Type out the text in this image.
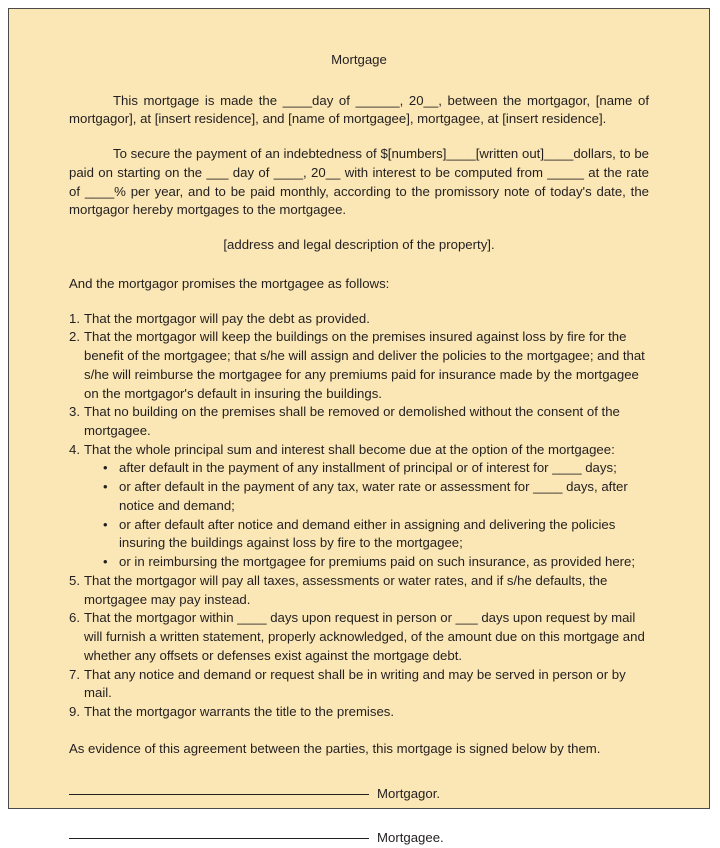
Mortgage

This mortgage is made the ____day of ______, 20__, between the mortgagor, [name of mortgagor], at [insert residence], and [name of mortgagee], mortgagee, at [insert residence].

To secure the payment of an indebtedness of $[numbers]____[written out]____dollars, to be paid on starting on the ___ day of ____, 20__ with interest to be computed from _____ at the rate of ____% per year, and to be paid monthly, according to the promissory note of today's date, the mortgagor hereby mortgages to the mortgagee.

[address and legal description of the property].

And the mortgagor promises the mortgagee as follows:

1. That the mortgagor will pay the debt as provided.
2. That the mortgagor will keep the buildings on the premises insured against loss by fire for the benefit of the mortgagee; that s/he will assign and deliver the policies to the mortgagee; and that s/he will reimburse the mortgagee for any premiums paid for insurance made by the mortgagee on the mortgagor's default in insuring the buildings.
3. That no building on the premises shall be removed or demolished without the consent of the mortgagee.
4. That the whole principal sum and interest shall become due at the option of the mortgagee:
• after default in the payment of any installment of principal or of interest for ____ days;
• or after default in the payment of any tax, water rate or assessment for ____ days, after notice and demand;
• or after default after notice and demand either in assigning and delivering the policies insuring the buildings against loss by fire to the mortgagee;
• or in reimbursing the mortgagee for premiums paid on such insurance, as provided here;
5. That the mortgagor will pay all taxes, assessments or water rates, and if s/he defaults, the mortgagee may pay instead.
6. That the mortgagor within ____ days upon request in person or ___ days upon request by mail will furnish a written statement, properly acknowledged, of the amount due on this mortgage and whether any offsets or defenses exist against the mortgage debt.
7. That any notice and demand or request shall be in writing and may be served in person or by mail.
9. That the mortgagor warrants the title to the premises.

As evidence of this agreement between the parties, this mortgage is signed below by them.

Mortgagor.
Mortgagee.
